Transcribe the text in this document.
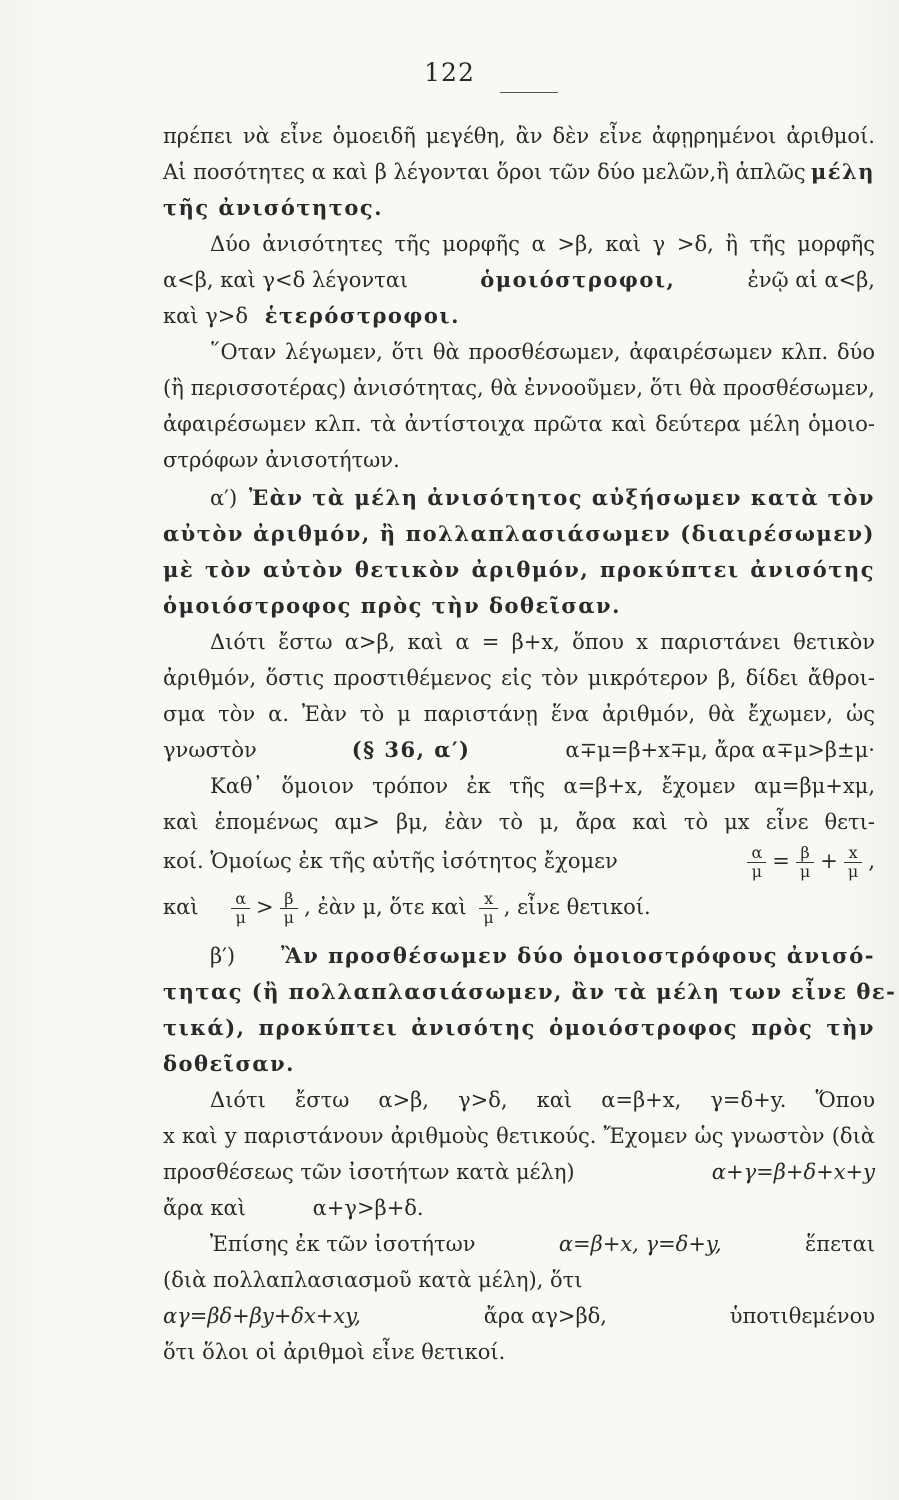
122
πρέπει νὰ εἶνε ὁμοειδῆ μεγέθη, ἂν δὲν εἶνε ἀφῃρημένοι ἀριθμοί.
Αἱ ποσότητες α καὶ β λέγονται ὅροι τῶν δύο μελῶν,ἢ ἁπλῶς μέλη
τῆς ἀνισότητος.
Δύο ἀνισότητες τῆς μορφῆς α >β, καὶ γ >δ, ἢ τῆς μορφῆς
α<β, καὶ γ<δ λέγονται	ὁμοιόστροφοι,	ἐνῷ αἱ α<β,
καὶ γ>δ ἑτερόστροφοι.
῞Οταν λέγωμεν, ὅτι θὰ προσθέσωμεν, ἀφαιρέσωμεν κλπ. δύο
(ἢ περισσοτέρας) ἀνισότητας, θὰ ἐννοοῦμεν, ὅτι θὰ προσθέσωμεν,
ἀφαιρέσωμεν κλπ. τὰ ἀντίστοιχα πρῶτα καὶ δεύτερα μέλη ὁμοιο-
στρόφων ἀνισοτήτων.
α′) Ἐὰν τὰ μέλη ἀνισότητος αὐξήσωμεν κατὰ τὸν
αὐτὸν ἀριθμόν, ἢ πολλαπλασιάσωμεν (διαιρέσωμεν)
μὲ τὸν αὐτὸν θετικὸν ἀριθμόν, προκύπτει ἀνισότης
ὁμοιόστροφος πρὸς τὴν δοθεῖσαν.
Διότι ἔστω α>β, καὶ α = β+x, ὅπου x παριστάνει θετικὸν
ἀριθμόν, ὅστις προστιθέμενος εἰς τὸν μικρότερον β, δίδει ἄθροι-
σμα τὸν α. Ἐὰν τὸ μ παριστάνῃ ἕνα ἀριθμόν, θὰ ἔχωμεν, ὡς
γνωστὸν	(§ 36, α′)	α∓μ=β+x∓μ, ἄρα α∓μ>β±μ·
Καθ᾽ ὅμοιον τρόπον ἐκ τῆς α=β+x, ἔχομεν αμ=βμ+xμ,
καὶ ἑπομένως αμ> βμ, ἐὰν τὸ μ, ἄρα καὶ τὸ μx εἶνε θετι-
κοί. Ὁμοίως ἐκ τῆς αὐτῆς ἰσότητος ἔχομεν	$\frac{\alpha}{\mu} = \frac{\beta}{\mu} + \frac{x}{\mu}$ ,
καὶ $\frac{\alpha}{\mu} > \frac{\beta}{\mu}$ , ἐὰν μ, ὅτε καὶ $\frac{x}{\mu}$ , εἶνε θετικοί.
β′) Ἂν προσθέσωμεν δύο ὁμοιοστρόφους ἀνισό-
τητας (ἢ πολλαπλασιάσωμεν, ἂν τὰ μέλη των εἶνε θε-
τικά), προκύπτει ἀνισότης ὁμοιόστροφος πρὸς τὴν
δοθεῖσαν.
Διότι ἔστω α>β, γ>δ, καὶ α=β+x, γ=δ+y. Ὅπου
x καὶ y παριστάνουν ἀριθμοὺς θετικούς. Ἔχομεν ὡς γνωστὸν (διὰ
προσθέσεως τῶν ἰσοτήτων κατὰ μέλη)	α+γ=β+δ+x+y
ἄρα καὶ	α+γ>β+δ.
Ἐπίσης ἐκ τῶν ἰσοτήτων	α=β+x, γ=δ+y,	ἕπεται
(διὰ πολλαπλασιασμοῦ κατὰ μέλη), ὅτι
αγ=βδ+βy+δx+xy,	ἄρα αγ>βδ,	ὑποτιθεμένου
ὅτι ὅλοι οἱ ἀριθμοὶ εἶνε θετικοί.
